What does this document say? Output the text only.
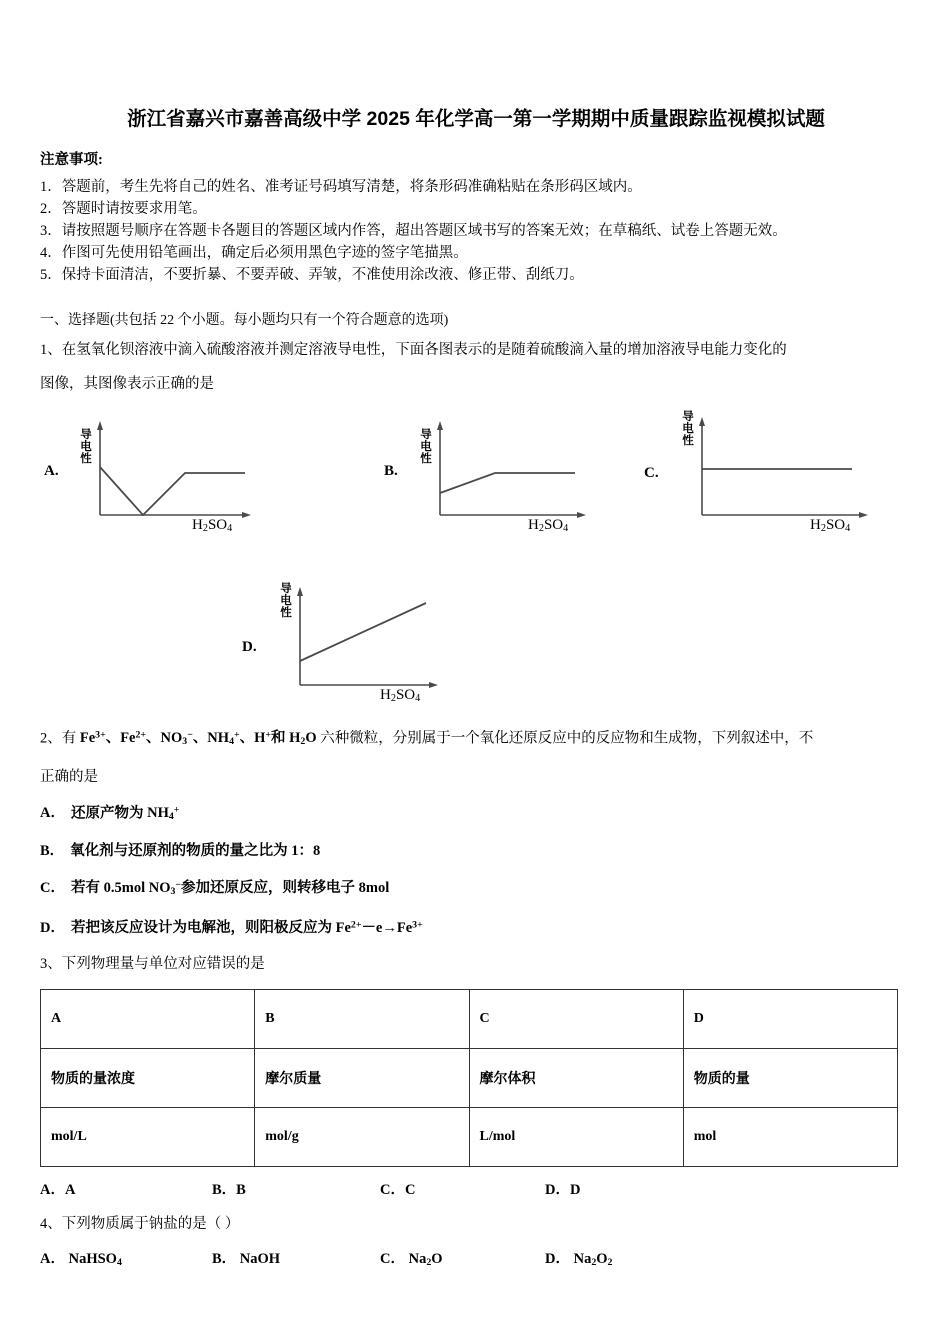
浙江省嘉兴市嘉善高级中学 2025 年化学高一第一学期期中质量跟踪监视模拟试题
注意事项:
1．答题前，考生先将自己的姓名、准考证号码填写清楚，将条形码准确粘贴在条形码区域内。
2．答题时请按要求用笔。
3．请按照题号顺序在答题卡各题目的答题区域内作答，超出答题区域书写的答案无效；在草稿纸、试卷上答题无效。
4．作图可先使用铅笔画出，确定后必须用黑色字迹的签字笔描黑。
5．保持卡面清洁，不要折暴、不要弄破、弄皱，不准使用涂改液、修正带、刮纸刀。
一、选择题(共包括 22 个小题。每小题均只有一个符合题意的选项)
1、在氢氧化钡溶液中滴入硫酸溶液并测定溶液导电性，下面各图表示的是随着硫酸滴入量的增加溶液导电能力变化的
图像，其图像表示正确的是
A.
导电性
$H_2SO_4$
B.
导电性
$H_2SO_4$
C.
导电性
$H_2SO_4$
D.
导电性
$H_2SO_4$
2、有 $Fe^{3+}$、$Fe^{2+}$、$NO_3^-$、$NH_4^+$、H+和 $H_2O$ 六种微粒，分别属于一个氧化还原反应中的反应物和生成物，下列叙述中，不
正确的是
A． 还原产物为 $NH_4^+$
B． 氧化剂与还原剂的物质的量之比为 1：8
C． 若有 0.5mol $NO_3^-$参加还原反应，则转移电子 8mol
D． 若把该反应设计为电解池，则阳极反应为 $Fe^{2+}-e\to Fe^{3+}$
3、下列物理量与单位对应错误的是
A	B	C	D
物质的量浓度	摩尔质量	摩尔体积	物质的量
mol/L	mol/g	L/mol	mol
A．A	B．B	C．C	D．D
4、下列物质属于钠盐的是（ ）
A． NaHSO$_4$	B． NaOH	C． $Na_2O$	D． $Na_2O_2$
